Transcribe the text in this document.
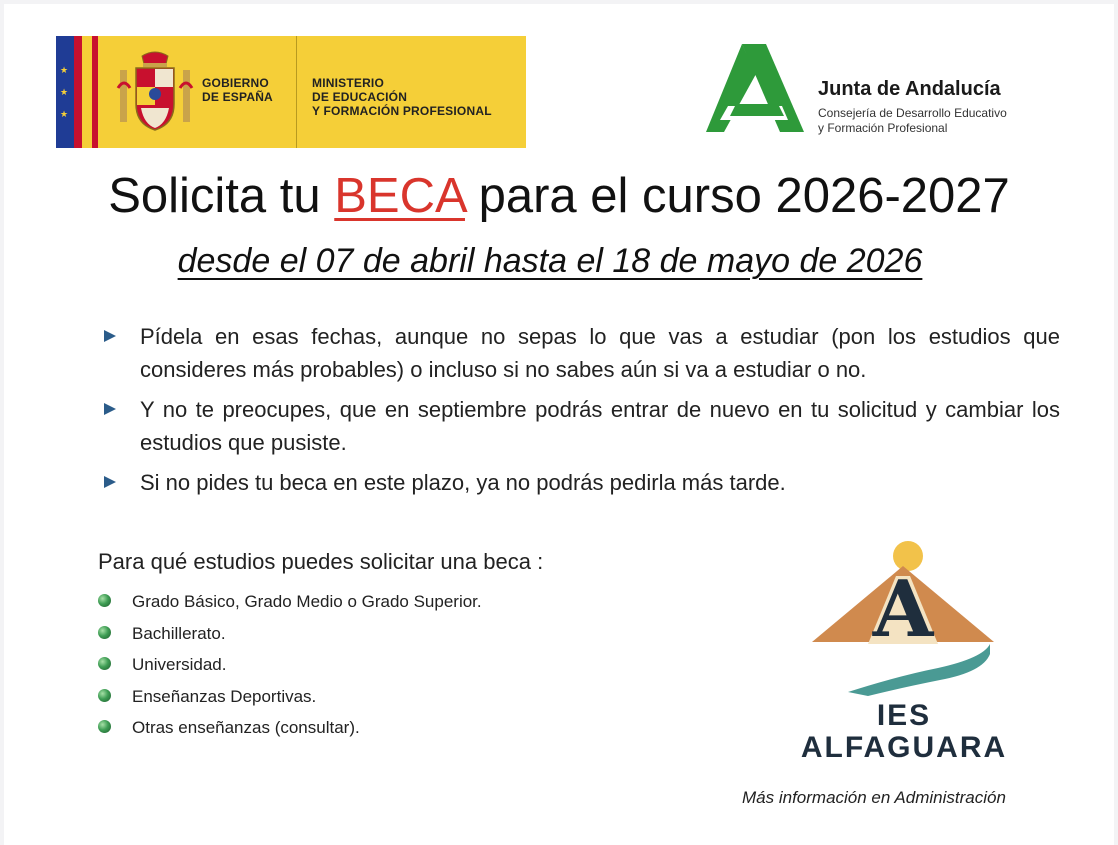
★
★
★
GOBIERNO
DE ESPAÑA
MINISTERIO
DE EDUCACIÓN
Y FORMACIÓN PROFESIONAL
Junta de Andalucía
Consejería de Desarrollo Educativo
y Formación Profesional
Solicita tu BECA para el curso 2026-2027
desde el 07 de abril hasta el 18 de mayo de 2026
Pídela en esas fechas, aunque no sepas lo que vas a estudiar (pon los estudios que consideres más probables) o incluso si no sabes aún si va a estudiar o no.
Y no te preocupes, que en septiembre podrás entrar de nuevo en tu solicitud y cambiar los estudios que pusiste.
Si no pides tu beca en este plazo, ya no podrás pedirla más tarde.
Para qué estudios puedes solicitar una beca :
Grado Básico, Grado Medio o Grado Superior.
Bachillerato.
Universidad.
Enseñanzas Deportivas.
Otras enseñanzas (consultar).
A
IES
ALFAGUARA
Más información en Administración
